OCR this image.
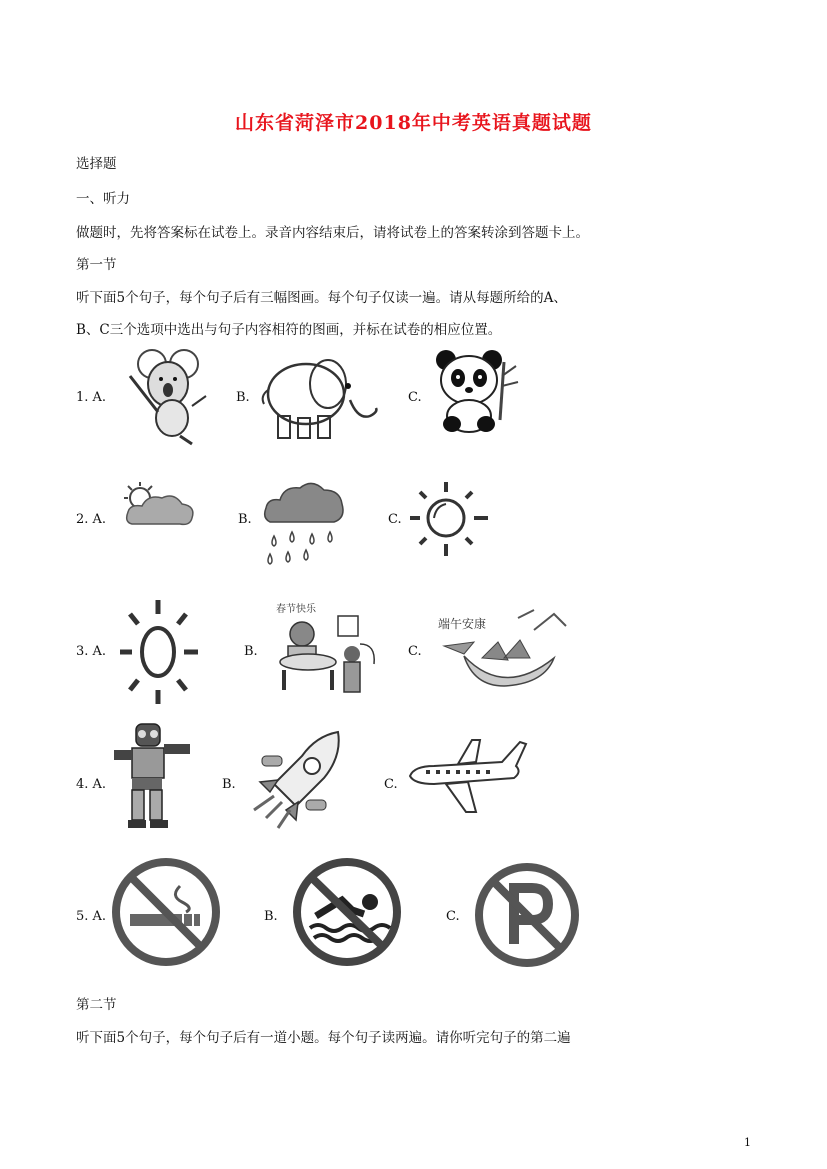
山东省菏泽市2018年中考英语真题试题
选择题
一、听力
做题时，先将答案标在试卷上。录音内容结束后，请将试卷上的答案转涂到答题卡上。
第一节
听下面5个句子，每个句子后有三幅图画。每个句子仅读一遍。请从每题所给的A、
B、C三个选项中选出与句子内容相符的图画，并标在试卷的相应位置。
1. A.	B.	C.
2. A.	B.	C.
3. A.	B.
春节快乐
C.
端午安康
4. A.	B.	C.
5. A.	B.	C.
第二节
听下面5个句子，每个句子后有一道小题。每个句子读两遍。请你听完句子的第二遍
1
